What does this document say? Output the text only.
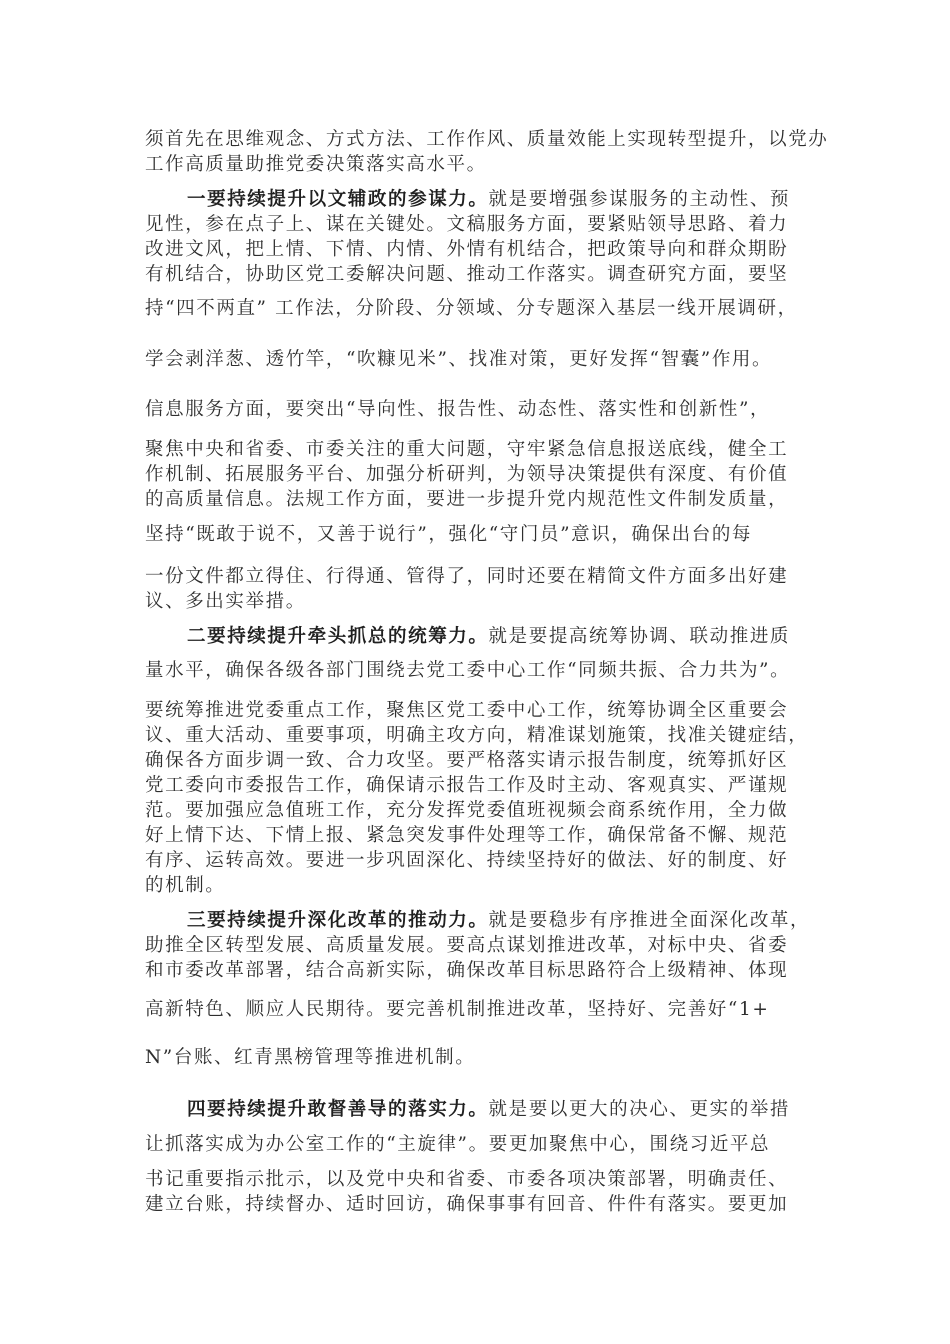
须首先在思维观念、方式方法、工作作风、质量效能上实现转型提升，以党办
工作高质量助推党委决策落实高水平。
一要持续提升以文辅政的参谋力。就是要增强参谋服务的主动性、预
见性，参在点子上、谋在关键处。文稿服务方面，要紧贴领导思路、着力
改进文风，把上情、下情、内情、外情有机结合，把政策导向和群众期盼
有机结合，协助区党工委解决问题、推动工作落实。调查研究方面，要坚
持“四不两直” 工作法，分阶段、分领域、分专题深入基层一线开展调研，
学会剥洋葱、透竹竿，“吹糠见米”、找准对策，更好发挥“智囊”作用。
信息服务方面，要突出“导向性、报告性、动态性、落实性和创新性”，
聚焦中央和省委、市委关注的重大问题，守牢紧急信息报送底线，健全工
作机制、拓展服务平台、加强分析研判，为领导决策提供有深度、有价值
的高质量信息。法规工作方面，要进一步提升党内规范性文件制发质量，
坚持“既敢于说不，又善于说行”，强化“守门员”意识，确保出台的每
一份文件都立得住、行得通、管得了，同时还要在精简文件方面多出好建
议、多出实举措。
二要持续提升牵头抓总的统筹力。就是要提高统筹协调、联动推进质
量水平，确保各级各部门围绕去党工委中心工作“同频共振、合力共为”。
要统筹推进党委重点工作，聚焦区党工委中心工作，统筹协调全区重要会
议、重大活动、重要事项，明确主攻方向，精准谋划施策，找准关键症结，
确保各方面步调一致、合力攻坚。要严格落实请示报告制度，统筹抓好区
党工委向市委报告工作，确保请示报告工作及时主动、客观真实、严谨规
范。要加强应急值班工作，充分发挥党委值班视频会商系统作用，全力做
好上情下达、下情上报、紧急突发事件处理等工作，确保常备不懈、规范
有序、运转高效。要进一步巩固深化、持续坚持好的做法、好的制度、好
的机制。
三要持续提升深化改革的推动力。就是要稳步有序推进全面深化改革，
助推全区转型发展、高质量发展。要高点谋划推进改革，对标中央、省委
和市委改革部署，结合高新实际，确保改革目标思路符合上级精神、体现
高新特色、顺应人民期待。要完善机制推进改革，坚持好、完善好“1+
N”台账、红青黑榜管理等推进机制。
四要持续提升敢督善导的落实力。就是要以更大的决心、更实的举措
让抓落实成为办公室工作的“主旋律”。要更加聚焦中心，围绕习近平总
书记重要指示批示，以及党中央和省委、市委各项决策部署，明确责任、
建立台账，持续督办、适时回访，确保事事有回音、件件有落实。要更加
